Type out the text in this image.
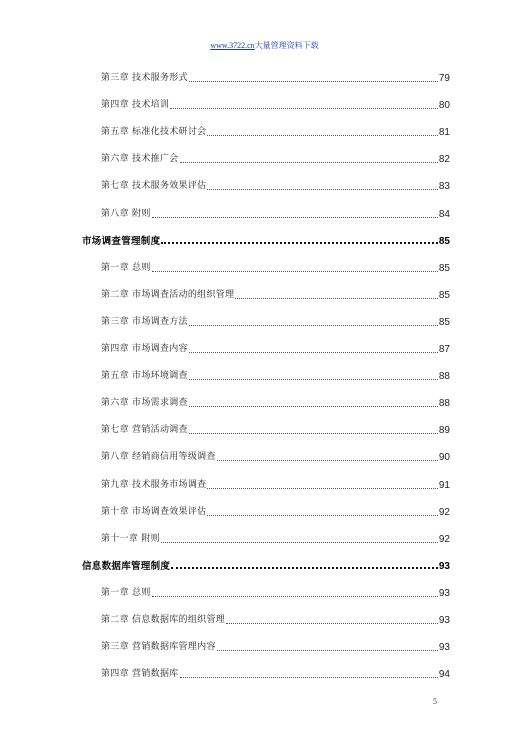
www.3722.cn大量管理资料下载
第三章 技术服务形式	79
第四章 技术培训	80
第五章 标准化技术研讨会	81
第六章 技术推广会	82
第七章 技术服务效果评估	83
第八章 附则	84
市场调查管理制度	85
第一章 总则	85
第二章 市场调查活动的组织管理	85
第三章 市场调查方法	85
第四章 市场调查内容	87
第五章 市场环境调查	88
第六章 市场需求调查	88
第七章 营销活动调查	89
第八章 经销商信用等级调查	90
第九章 技术服务市场调查	91
第十章 市场调查效果评估	92
第十一章 附则	92
信息数据库管理制度	93
第一章 总则	93
第二章 信息数据库的组织管理	93
第三章 营销数据库管理内容	93
第四章 营销数据库	94
5
